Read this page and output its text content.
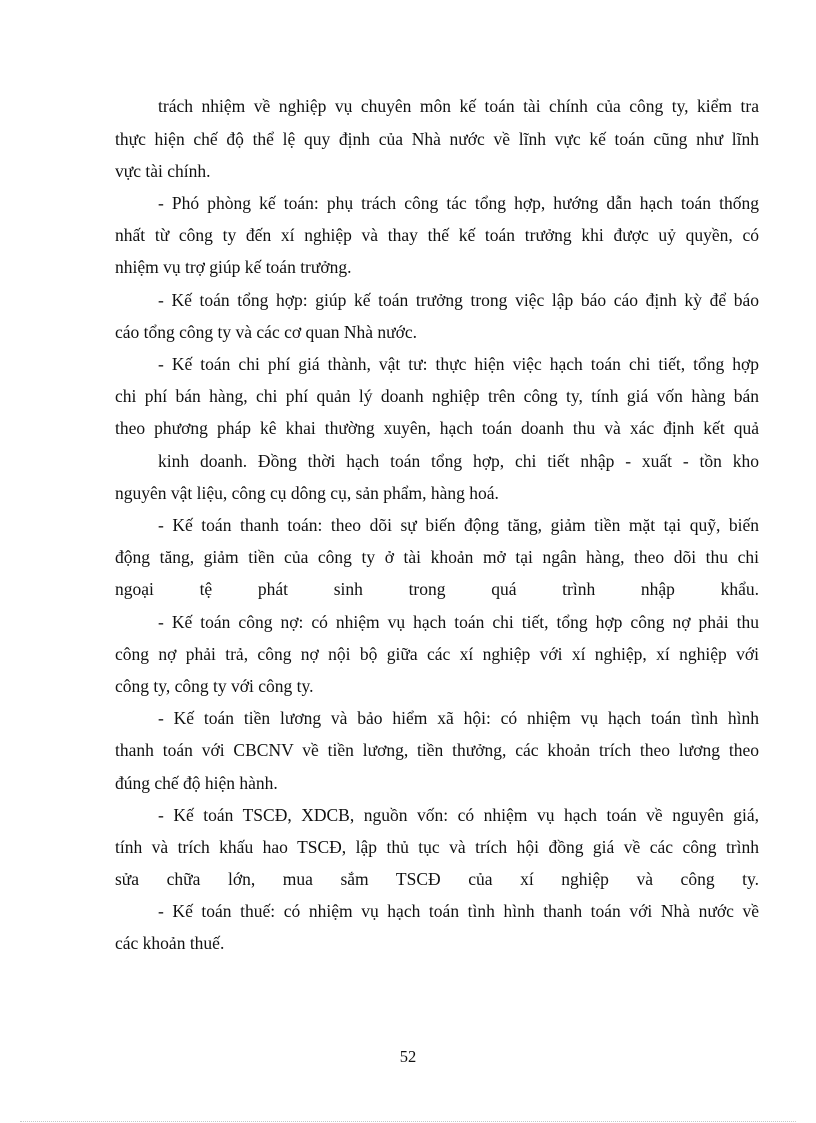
trách nhiệm về nghiệp vụ chuyên môn kế toán tài chính của công ty, kiểm tra
thực hiện chế độ thể lệ quy định của Nhà nước về lĩnh vực kế toán cũng như lĩnh
vực tài chính.
- Phó phòng kế toán: phụ trách công tác tổng hợp, hướng dẫn hạch toán thống
nhất từ công ty đến xí nghiệp và thay thế kế toán trưởng khi được uỷ quyền, có
nhiệm vụ trợ giúp kế toán trưởng.
- Kế toán tổng hợp: giúp kế toán trưởng trong việc lập báo cáo định kỳ để báo
cáo tổng công ty và các cơ quan Nhà nước.
- Kế toán chi phí giá thành, vật tư: thực hiện việc hạch toán chi tiết, tổng hợp
chi phí bán hàng, chi phí quản lý doanh nghiệp trên công ty, tính giá vốn hàng bán
theo phương pháp kê khai thường xuyên, hạch toán doanh thu và xác định kết quả
kinh doanh. Đồng thời hạch toán tổng hợp, chi tiết nhập - xuất - tồn kho
nguyên vật liệu, công cụ dông cụ, sản phẩm, hàng hoá.
- Kế toán thanh toán: theo dõi sự biến động tăng, giảm tiền mặt tại quỹ, biến
động tăng, giảm tiền của công ty ở tài khoản mở tại ngân hàng, theo dõi thu chi
ngoại tệ phát sinh trong quá trình nhập khẩu.
- Kế toán công nợ: có nhiệm vụ hạch toán chi tiết, tổng hợp công nợ phải thu
công nợ phải trả, công nợ nội bộ giữa các xí nghiệp với xí nghiệp, xí nghiệp với
công ty, công ty với công ty.
- Kế toán tiền lương và bảo hiểm xã hội: có nhiệm vụ hạch toán tình hình
thanh toán với CBCNV về tiền lương, tiền thưởng, các khoản trích theo lương theo
đúng chế độ hiện hành.
- Kế toán TSCĐ, XDCB, nguồn vốn: có nhiệm vụ hạch toán về nguyên giá,
tính và trích khấu hao TSCĐ, lập thủ tục và trích hội đồng giá về các công trình
sửa chữa lớn, mua sắm TSCĐ của xí nghiệp và công ty.
- Kế toán thuế: có nhiệm vụ hạch toán tình hình thanh toán với Nhà nước về
các khoản thuế.
52
